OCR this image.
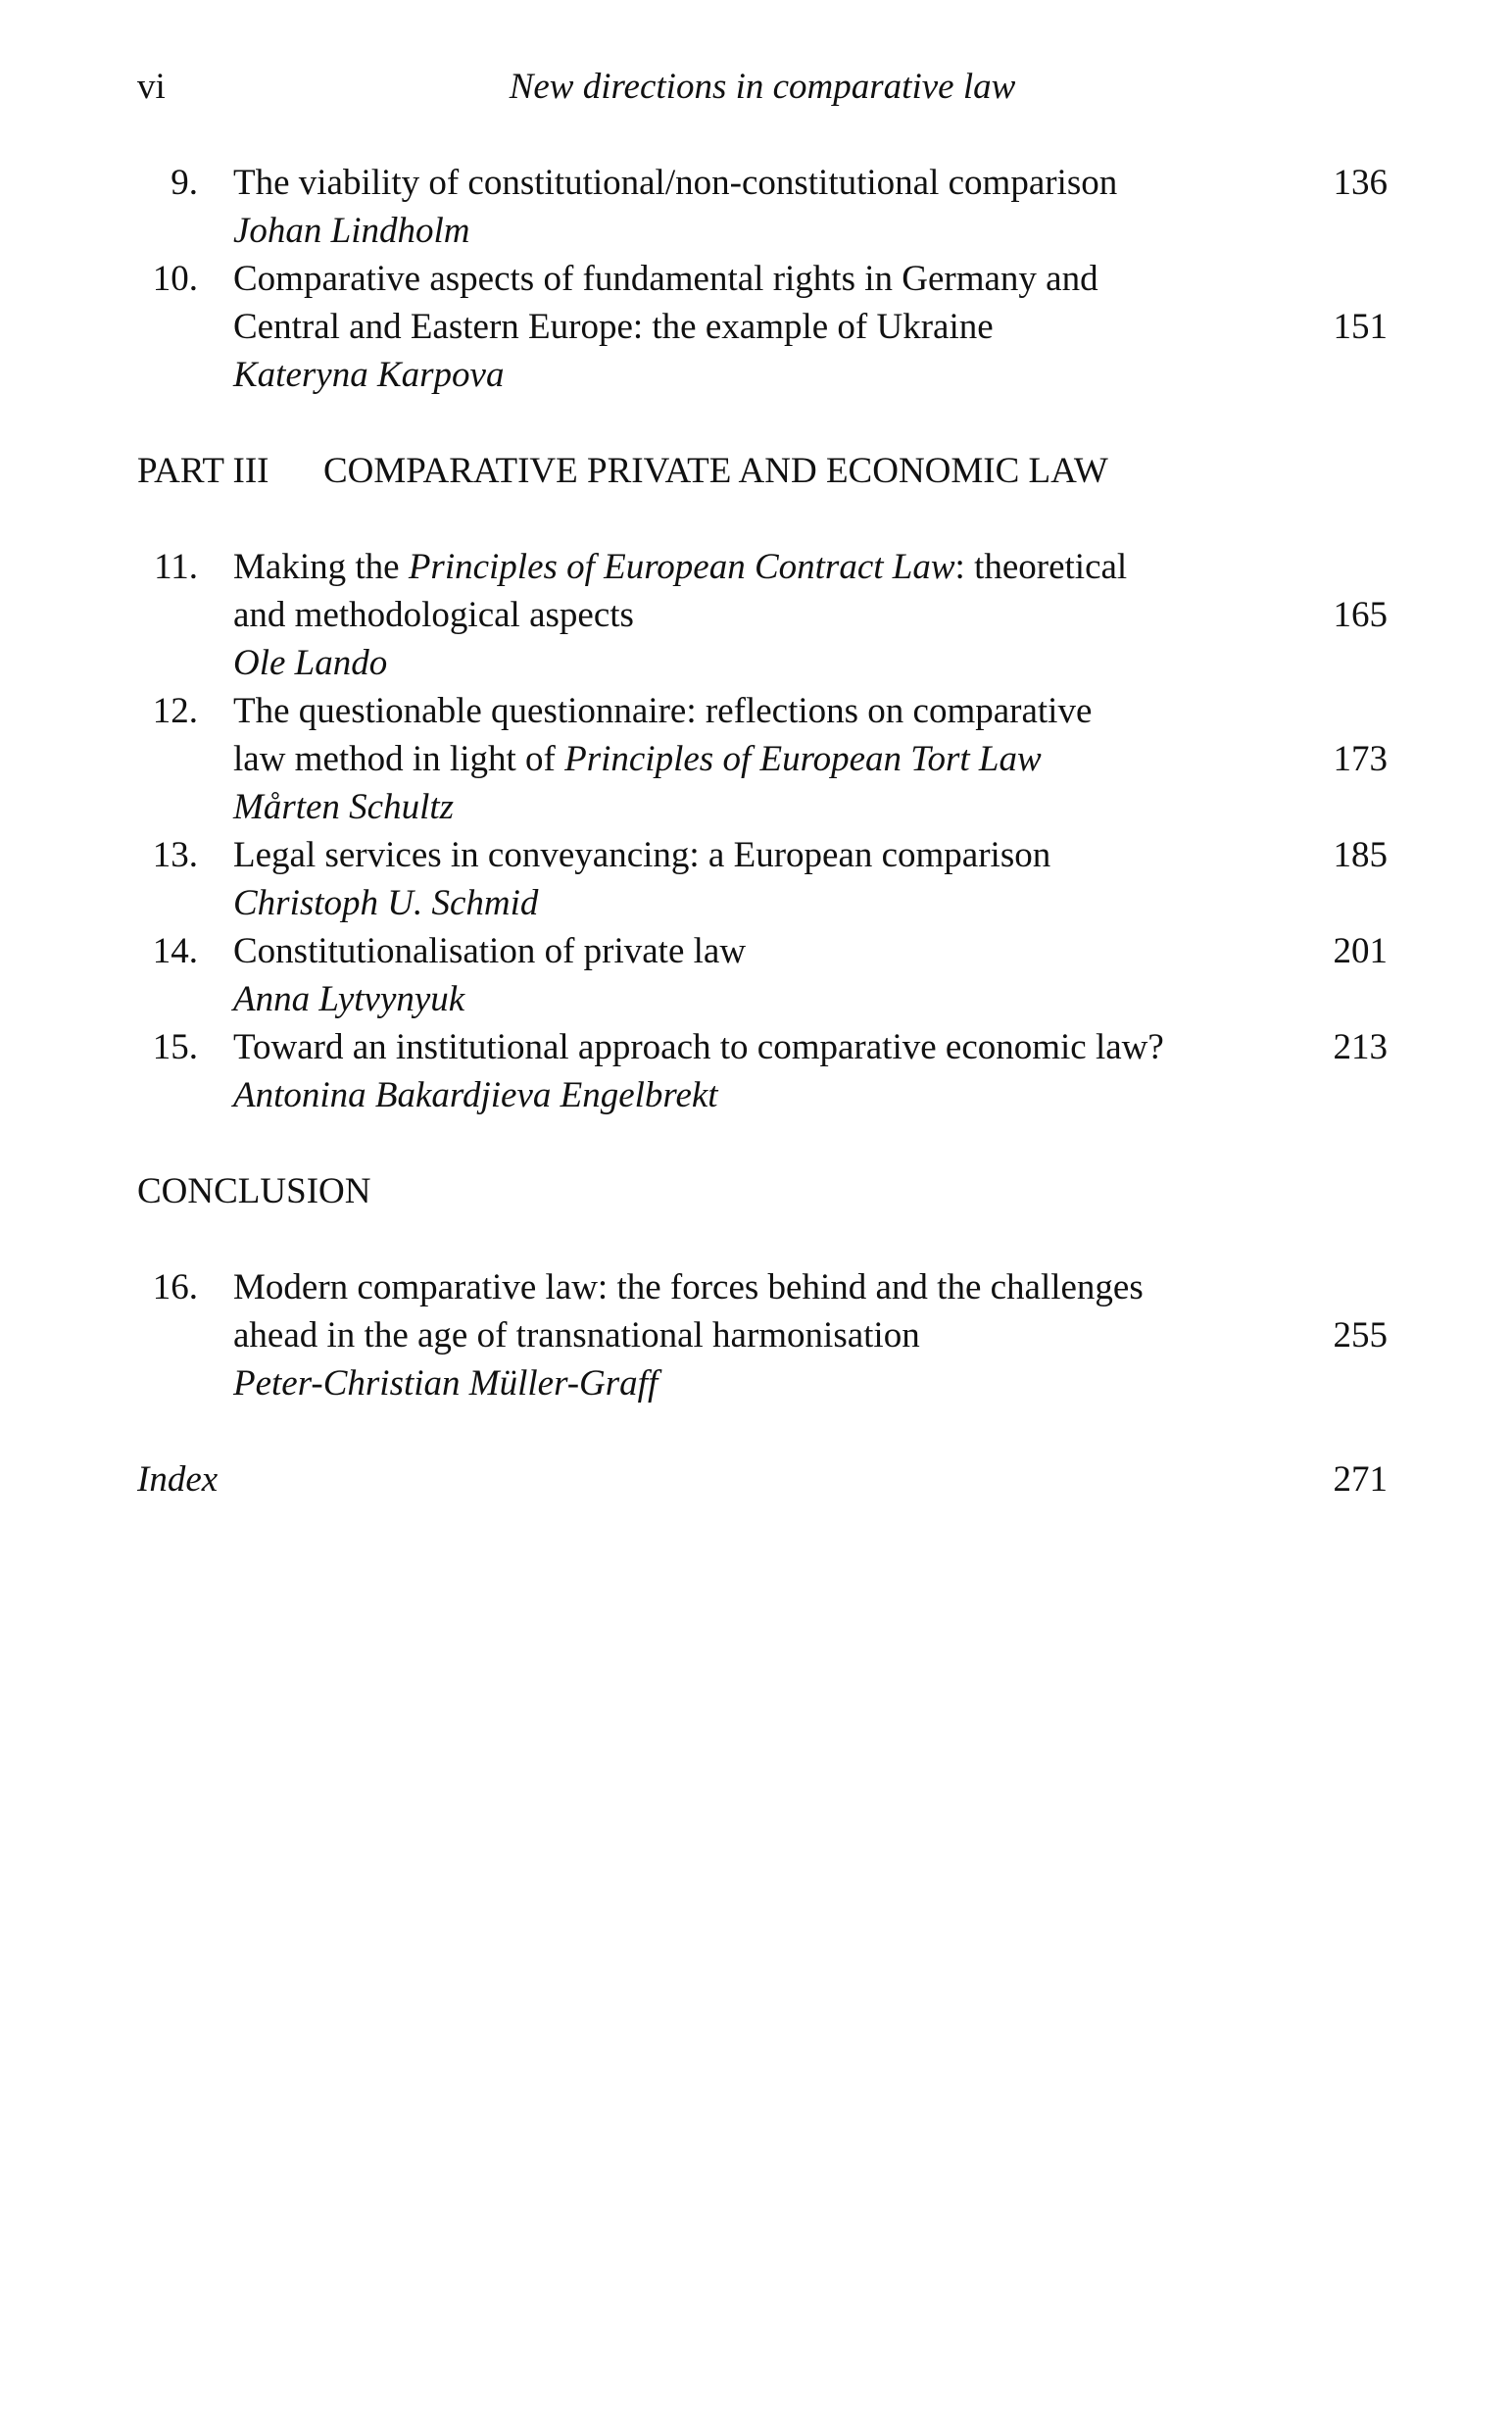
vi	New directions in comparative law
9. The viability of constitutional/non-constitutional comparison	136
Johan Lindholm
10. Comparative aspects of fundamental rights in Germany and
Central and Eastern Europe: the example of Ukraine	151
Kateryna Karpova
PART III COMPARATIVE PRIVATE AND ECONOMIC LAW
11. Making the Principles of European Contract Law: theoretical
and methodological aspects	165
Ole Lando
12. The questionable questionnaire: reflections on comparative
law method in light of Principles of European Tort Law	173
Mårten Schultz
13. Legal services in conveyancing: a European comparison	185
Christoph U. Schmid
14. Constitutionalisation of private law	201
Anna Lytvynyuk
15. Toward an institutional approach to comparative economic law?	213
Antonina Bakardjieva Engelbrekt
CONCLUSION
16. Modern comparative law: the forces behind and the challenges
ahead in the age of transnational harmonisation	255
Peter-Christian Müller-Graff
Index	271
